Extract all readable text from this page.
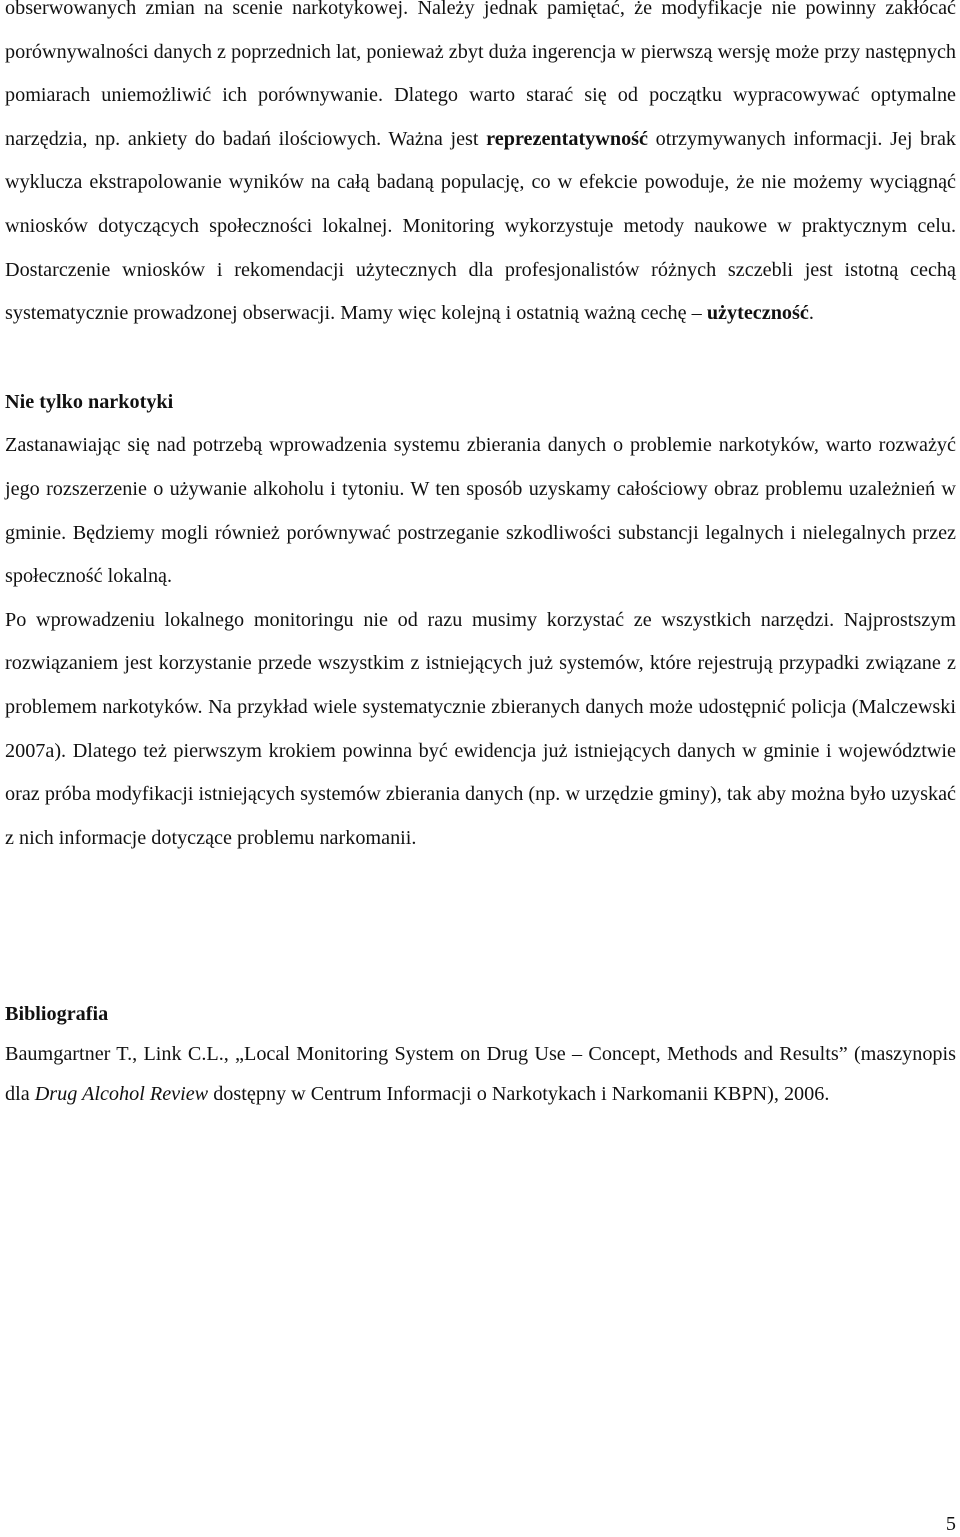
obserwowanych zmian na scenie narkotykowej. Należy jednak pamiętać, że modyfikacje nie powinny zakłócać porównywalności danych z poprzednich lat, ponieważ zbyt duża ingerencja w pierwszą wersję może przy następnych pomiarach uniemożliwić ich porównywanie. Dlatego warto starać się od początku wypracowywać optymalne narzędzia, np. ankiety do badań ilościowych. Ważna jest reprezentatywność otrzymywanych informacji. Jej brak wyklucza ekstrapolowanie wyników na całą badaną populację, co w efekcie powoduje, że nie możemy wyciągnąć wniosków dotyczących społeczności lokalnej. Monitoring wykorzystuje metody naukowe w praktycznym celu. Dostarczenie wniosków i rekomendacji użytecznych dla profesjonalistów różnych szczebli jest istotną cechą systematycznie prowadzonej obserwacji. Mamy więc kolejną i ostatnią ważną cechę – użyteczność.

Nie tylko narkotyki

Zastanawiając się nad potrzebą wprowadzenia systemu zbierania danych o problemie narkotyków, warto rozważyć jego rozszerzenie o używanie alkoholu i tytoniu. W ten sposób uzyskamy całościowy obraz problemu uzależnień w gminie. Będziemy mogli również porównywać postrzeganie szkodliwości substancji legalnych i nielegalnych przez społeczność lokalną.

Po wprowadzeniu lokalnego monitoringu nie od razu musimy korzystać ze wszystkich narzędzi. Najprostszym rozwiązaniem jest korzystanie przede wszystkim z istniejących już systemów, które rejestrują przypadki związane z problemem narkotyków. Na przykład wiele systematycznie zbieranych danych może udostępnić policja (Malczewski 2007a). Dlatego też pierwszym krokiem powinna być ewidencja już istniejących danych w gminie i województwie oraz próba modyfikacji istniejących systemów zbierania danych (np. w urzędzie gminy), tak aby można było uzyskać z nich informacje dotyczące problemu narkomanii.

Bibliografia

Baumgartner T., Link C.L., „Local Monitoring System on Drug Use – Concept, Methods and Results” (maszynopis dla Drug Alcohol Review dostępny w Centrum Informacji o Narkotykach i Narkomanii KBPN), 2006.

5
